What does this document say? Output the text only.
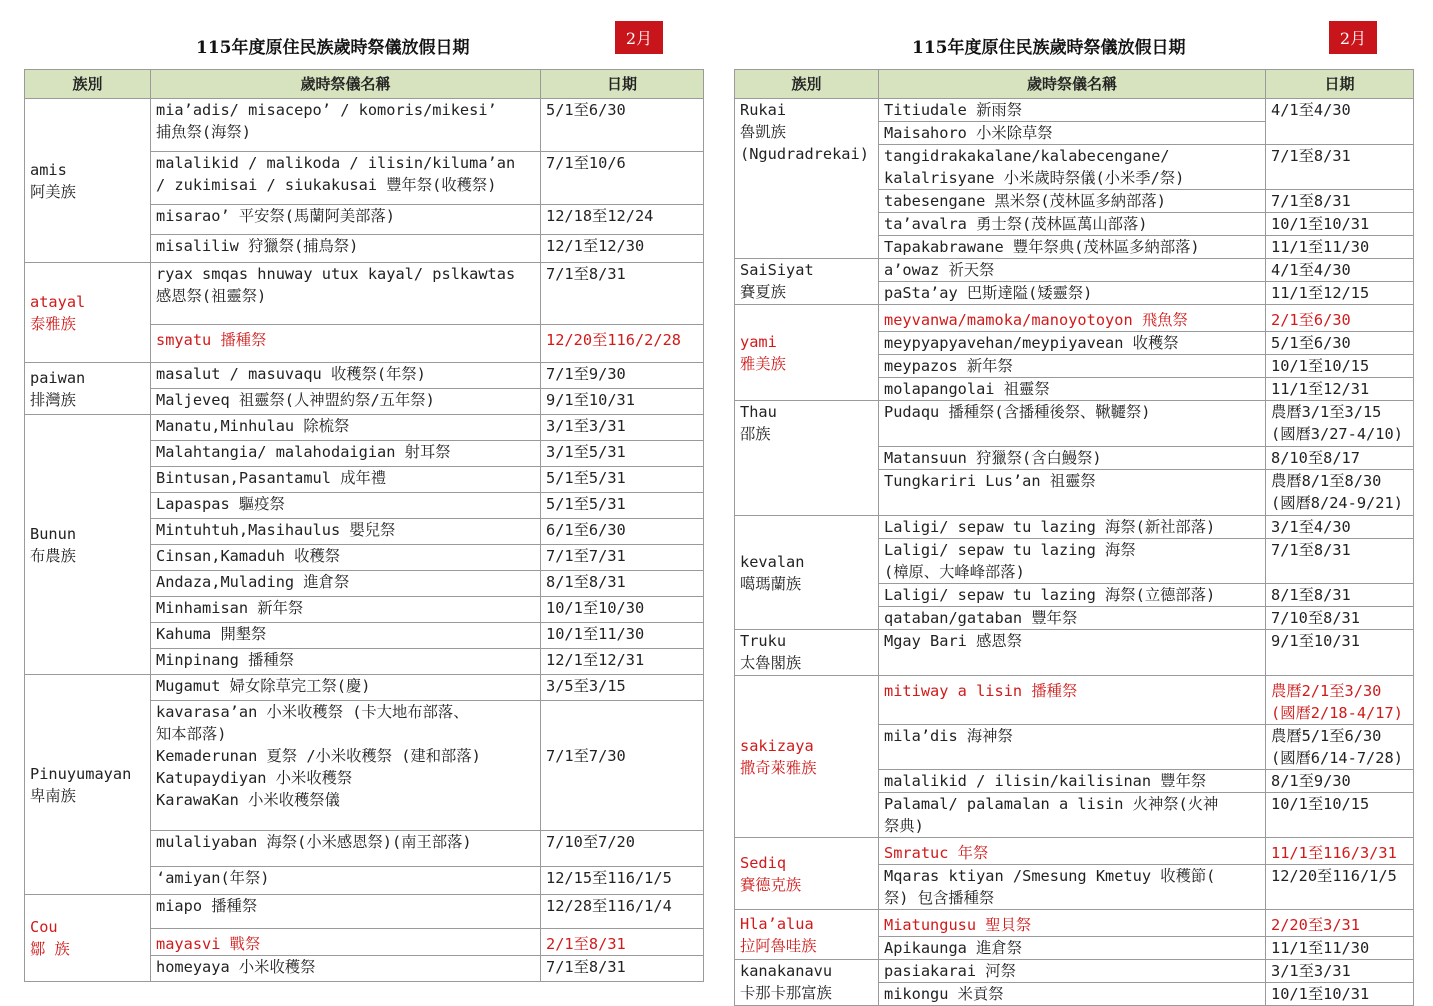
115年度原住民族歲時祭儀放假日期	2月
族別	歲時祭儀名稱	日期

amis
阿美族	mia’adis/ misacepo’ / komoris/mikesi’
捕魚祭(海祭)	5/1至6/30

	malalikid / malikoda / ilisin/kiluma’an
/ zukimisai / siukakusai 豐年祭(收穫祭)	7/1至10/6

	misarao’ 平安祭(馬蘭阿美部落)	12/18至12/24

	misaliliw 狩獵祭(捕鳥祭)	12/1至12/30

atayal
泰雅族	ryax smqas hnuway utux kayal/ pslkawtas
感恩祭(祖靈祭)	7/1至8/31

	smyatu 播種祭	12/20至116/2/28

paiwan
排灣族	masalut / masuvaqu 收穫祭(年祭)	7/1至9/30

	Maljeveq 祖靈祭(人神盟約祭/五年祭)	9/1至10/31

Bunun
布農族	Manatu,Minhulau 除梳祭	3/1至3/31

	Malahtangia/ malahodaigian 射耳祭	3/1至5/31

	Bintusan,Pasantamul 成年禮	5/1至5/31

	Lapaspas 驅疫祭	5/1至5/31

	Mintuhtuh,Masihaulus 嬰兒祭	6/1至6/30

	Cinsan,Kamaduh 收穫祭	7/1至7/31

	Andaza,Mulading 進倉祭	8/1至8/31

	Minhamisan 新年祭	10/1至10/30

	Kahuma 開墾祭	10/1至11/30

	Minpinang 播種祭	12/1至12/31

Pinuyumayan
卑南族	Mugamut 婦女除草完工祭(慶)	3/5至3/15

	kavarasa’an 小米收穫祭 (卡大地布部落、
知本部落)
Kemaderunan 夏祭 /小米收穫祭 (建和部落)
Katupaydiyan 小米收穫祭
KarawaKan 小米收穫祭儀	7/1至7/30

	mulaliyaban 海祭(小米感恩祭)(南王部落)	7/10至7/20

	‘amiyan(年祭)	12/15至116/1/5

Cou
鄒 族	miapo 播種祭	12/28至116/1/4

	mayasvi 戰祭	2/1至8/31

	homeyaya 小米收穫祭	7/1至8/31
115年度原住民族歲時祭儀放假日期	2月
族別	歲時祭儀名稱	日期

Rukai
魯凱族
(Ngudradrekai)	Titiudale 新雨祭	4/1至4/30

	Maisahoro 小米除草祭	

	tangidrakakalane/kalabecengane/
kalalrisyane 小米歲時祭儀(小米季/祭)	7/1至8/31

	tabesengane 黑米祭(茂林區多納部落)	7/1至8/31

	ta’avalra 勇士祭(茂林區萬山部落)	10/1至10/31

	Tapakabrawane 豐年祭典(茂林區多納部落)	11/1至11/30

SaiSiyat
賽夏族	a’owaz 祈天祭	4/1至4/30

	paSta’ay 巴斯達隘(矮靈祭)	11/1至12/15

yami
雅美族	meyvanwa/mamoka/manoyotoyon 飛魚祭	2/1至6/30

	meypyapyavehan/meypiyavean 收穫祭	5/1至6/30

	meypazos 新年祭	10/1至10/15

	molapangolai 祖靈祭	11/1至12/31

Thau
邵族	Pudaqu 播種祭(含播種後祭、鞦韆祭)	農曆3/1至3/15
(國曆3/27-4/10)

	Matansuun 狩獵祭(含白鰻祭)	8/10至8/17

	Tungkariri Lus’an 祖靈祭	農曆8/1至8/30
(國曆8/24-9/21)

kevalan
噶瑪蘭族	Laligi/ sepaw tu lazing 海祭(新社部落)	3/1至4/30

	Laligi/ sepaw tu lazing 海祭
(樟原、大峰峰部落)	7/1至8/31

	Laligi/ sepaw tu lazing 海祭(立德部落)	8/1至8/31

	qataban/gataban 豐年祭	7/10至8/31

Truku
太魯閣族	Mgay Bari 感恩祭	9/1至10/31

sakizaya
撒奇萊雅族	mitiway a lisin 播種祭	農曆2/1至3/30
(國曆2/18-4/17)

	mila’dis 海神祭	農曆5/1至6/30
(國曆6/14-7/28)

	malalikid / ilisin/kailisinan 豐年祭	8/1至9/30

	Palamal/ palamalan a lisin 火神祭(火神
祭典)	10/1至10/15

Sediq
賽德克族	Smratuc 年祭	11/1至116/3/31

	Mqaras ktiyan /Smesung Kmetuy 收穫節(
祭) 包含播種祭	12/20至116/1/5

Hla’alua
拉阿魯哇族	Miatungusu 聖貝祭	2/20至3/31

	Apikaunga 進倉祭	11/1至11/30

kanakanavu
卡那卡那富族	pasiakarai 河祭	3/1至3/31

	mikongu 米貢祭	10/1至10/31
